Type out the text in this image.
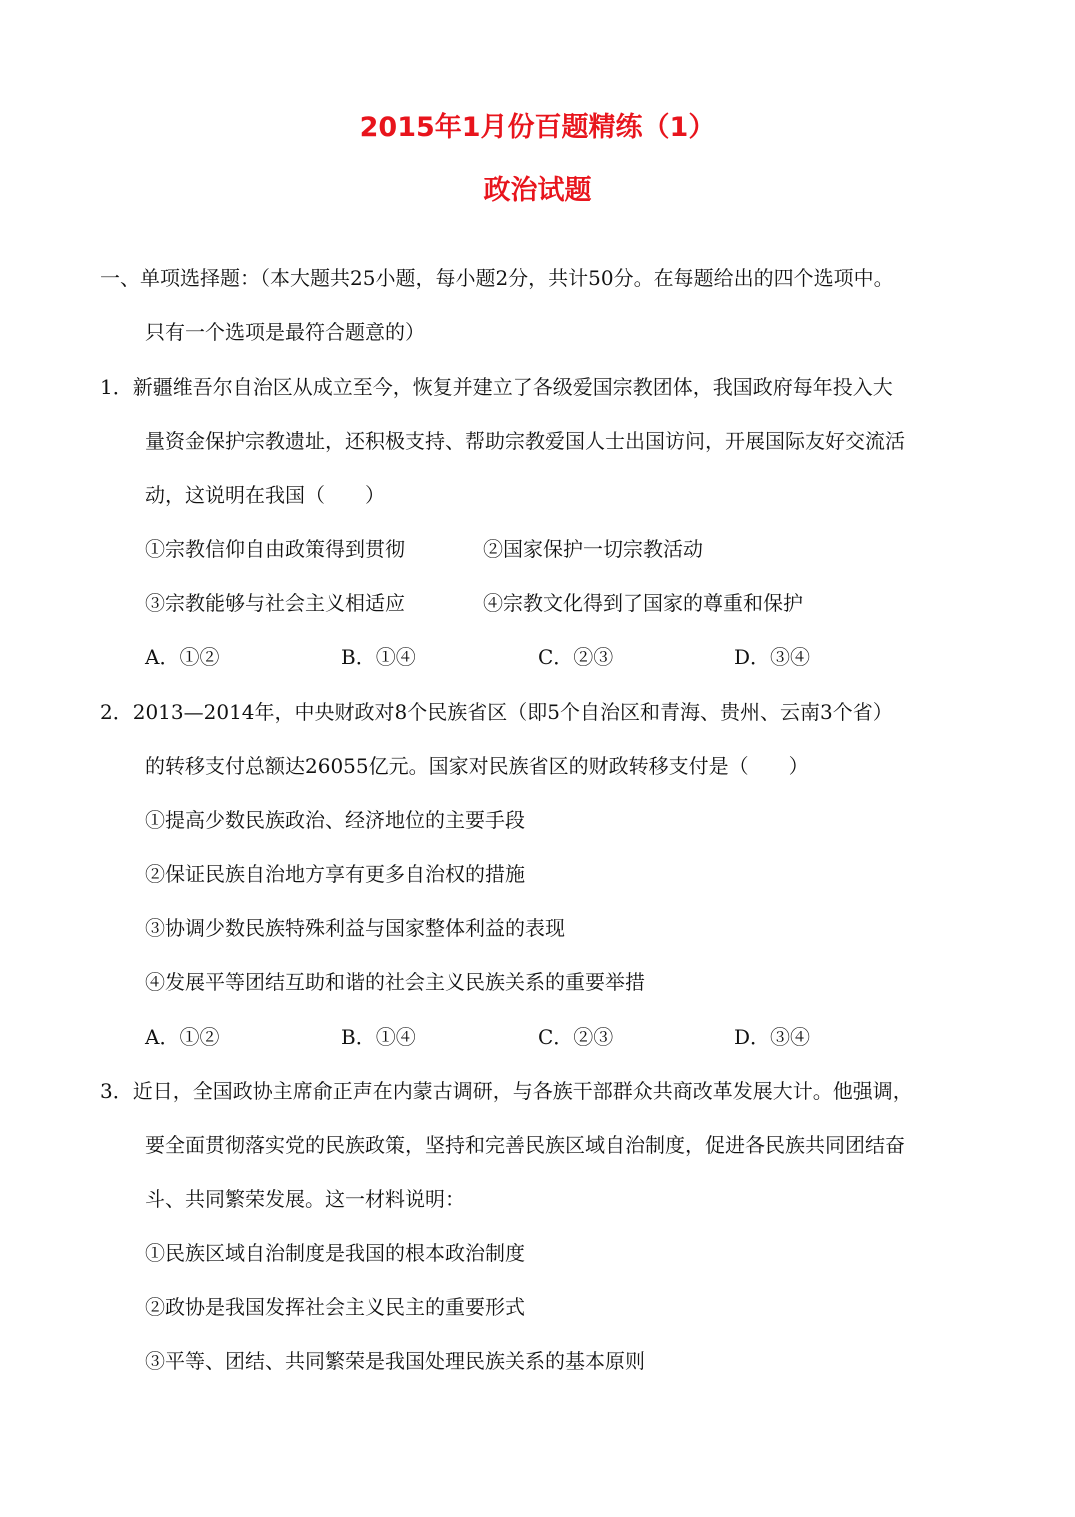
2015年1月份百题精练（1）
政治试题
一、单项选择题：（本大题共25小题，每小题2分，共计50分。在每题给出的四个选项中。
只有一个选项是最符合题意的）
1．新疆维吾尔自治区从成立至今，恢复并建立了各级爱国宗教团体，我国政府每年投入大
量资金保护宗教遗址，还积极支持、帮助宗教爱国人士出国访问，开展国际友好交流活
动，这说明在我国（　　）
①宗教信仰自由政策得到贯彻	②国家保护一切宗教活动
③宗教能够与社会主义相适应	④宗教文化得到了国家的尊重和保护
A．①②	B．①④	C．②③	D．③④
2．2013—2014年，中央财政对8个民族省区（即5个自治区和青海、贵州、云南3个省）
的转移支付总额达26055亿元。国家对民族省区的财政转移支付是（　　）
①提高少数民族政治、经济地位的主要手段
②保证民族自治地方享有更多自治权的措施
③协调少数民族特殊利益与国家整体利益的表现
④发展平等团结互助和谐的社会主义民族关系的重要举措
A．①②	B．①④	C．②③	D．③④
3．近日，全国政协主席俞正声在内蒙古调研，与各族干部群众共商改革发展大计。他强调，
要全面贯彻落实党的民族政策，坚持和完善民族区域自治制度，促进各民族共同团结奋
斗、共同繁荣发展。这一材料说明：
①民族区域自治制度是我国的根本政治制度
②政协是我国发挥社会主义民主的重要形式
③平等、团结、共同繁荣是我国处理民族关系的基本原则
